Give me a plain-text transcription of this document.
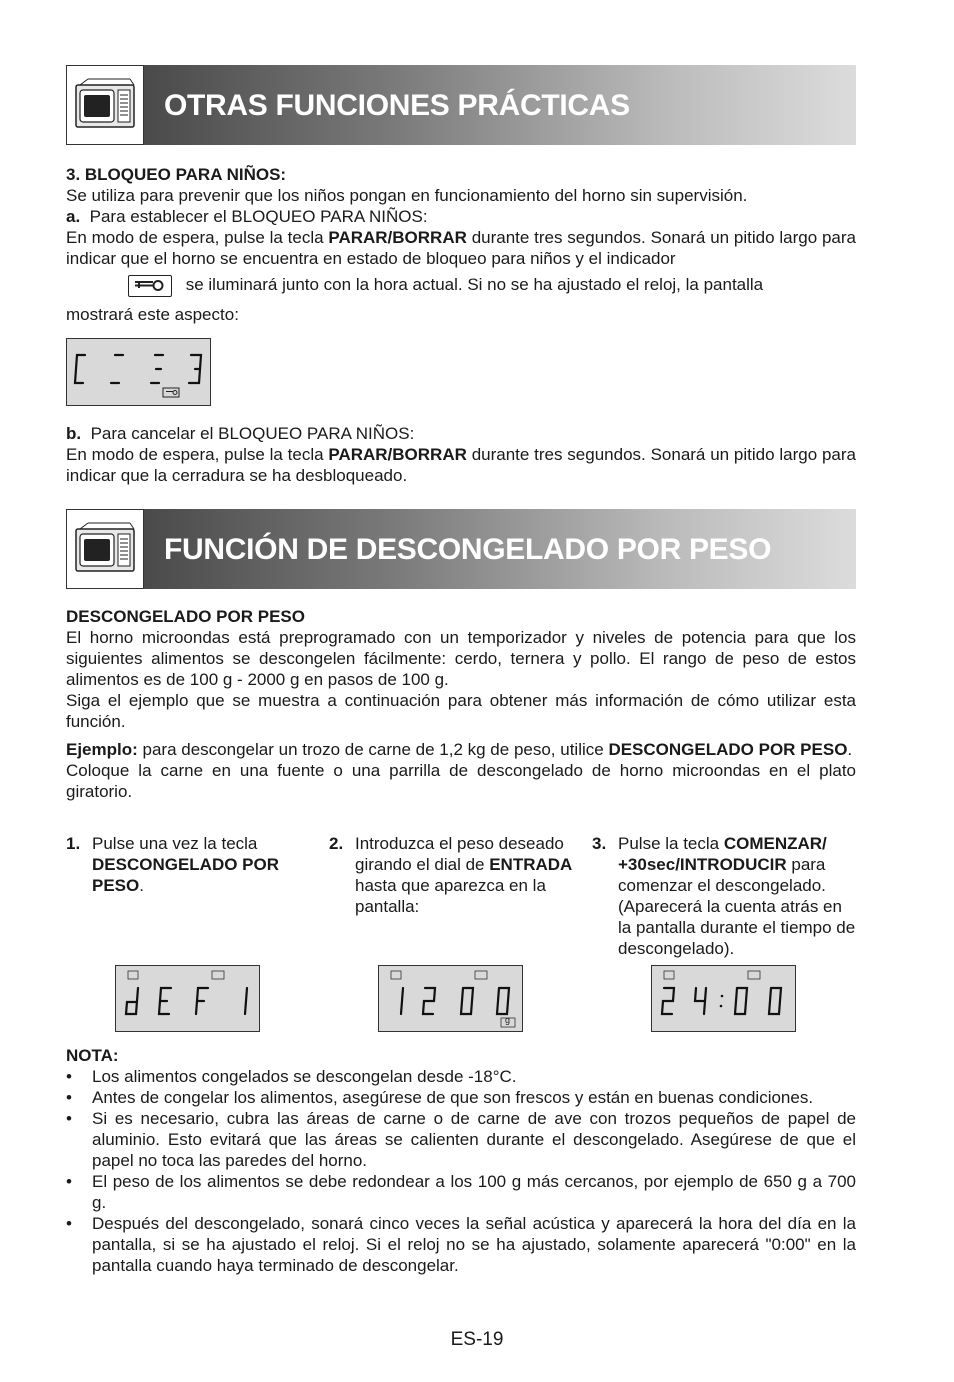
OTRAS FUNCIONES PRÁCTICAS
3. BLOQUEO PARA NIÑOS:
Se utiliza para prevenir que los niños pongan en funcionamiento del horno sin supervisión.
a. Para establecer el BLOQUEO PARA NIÑOS:
En modo de espera, pulse la tecla PARAR/BORRAR durante tres segundos. Sonará un pitido largo para indicar que el horno se encuentra en estado de bloqueo para niños y el indicador
se iluminará junto con la hora actual. Si no se ha ajustado el reloj, la pantalla
mostrará este aspecto:
b. Para cancelar el BLOQUEO PARA NIÑOS:
En modo de espera, pulse la tecla PARAR/BORRAR durante tres segundos. Sonará un pitido largo para indicar que la cerradura se ha desbloqueado.
FUNCIÓN DE DESCONGELADO POR PESO
DESCONGELADO POR PESO
El horno microondas está preprogramado con un temporizador y niveles de potencia para que los siguientes alimentos se descongelen fácilmente: cerdo, ternera y pollo. El rango de peso de estos alimentos es de 100 g - 2000 g en pasos de 100 g.
Siga el ejemplo que se muestra a continuación para obtener más información de cómo utilizar esta función.
Ejemplo: para descongelar un trozo de carne de 1,2 kg de peso, utilice DESCONGELADO POR PESO.
Coloque la carne en una fuente o una parrilla de descongelado de horno microondas en el plato giratorio.
1. Pulse una vez la tecla DESCONGELADO POR PESO.
2. Introduzca el peso deseado girando el dial de ENTRADA hasta que aparezca en la pantalla:
3. Pulse la tecla COMENZAR/ +30sec/INTRODUCIR para comenzar el descongelado. (Aparecerá la cuenta atrás en la pantalla durante el tiempo de descongelado).
g
NOTA:
• Los alimentos congelados se descongelan desde -18°C.
• Antes de congelar los alimentos, asegúrese de que son frescos y están en buenas condiciones.
• Si es necesario, cubra las áreas de carne o de carne de ave con trozos pequeños de papel de aluminio. Esto evitará que las áreas se calienten durante el descongelado. Asegúrese de que el papel no toca las paredes del horno.
• El peso de los alimentos se debe redondear a los 100 g más cercanos, por ejemplo de 650 g a 700 g.
• Después del descongelado, sonará cinco veces la señal acústica y aparecerá la hora del día en la pantalla, si se ha ajustado el reloj. Si el reloj no se ha ajustado, solamente aparecerá "0:00" en la pantalla cuando haya terminado de descongelar.
ES-19
